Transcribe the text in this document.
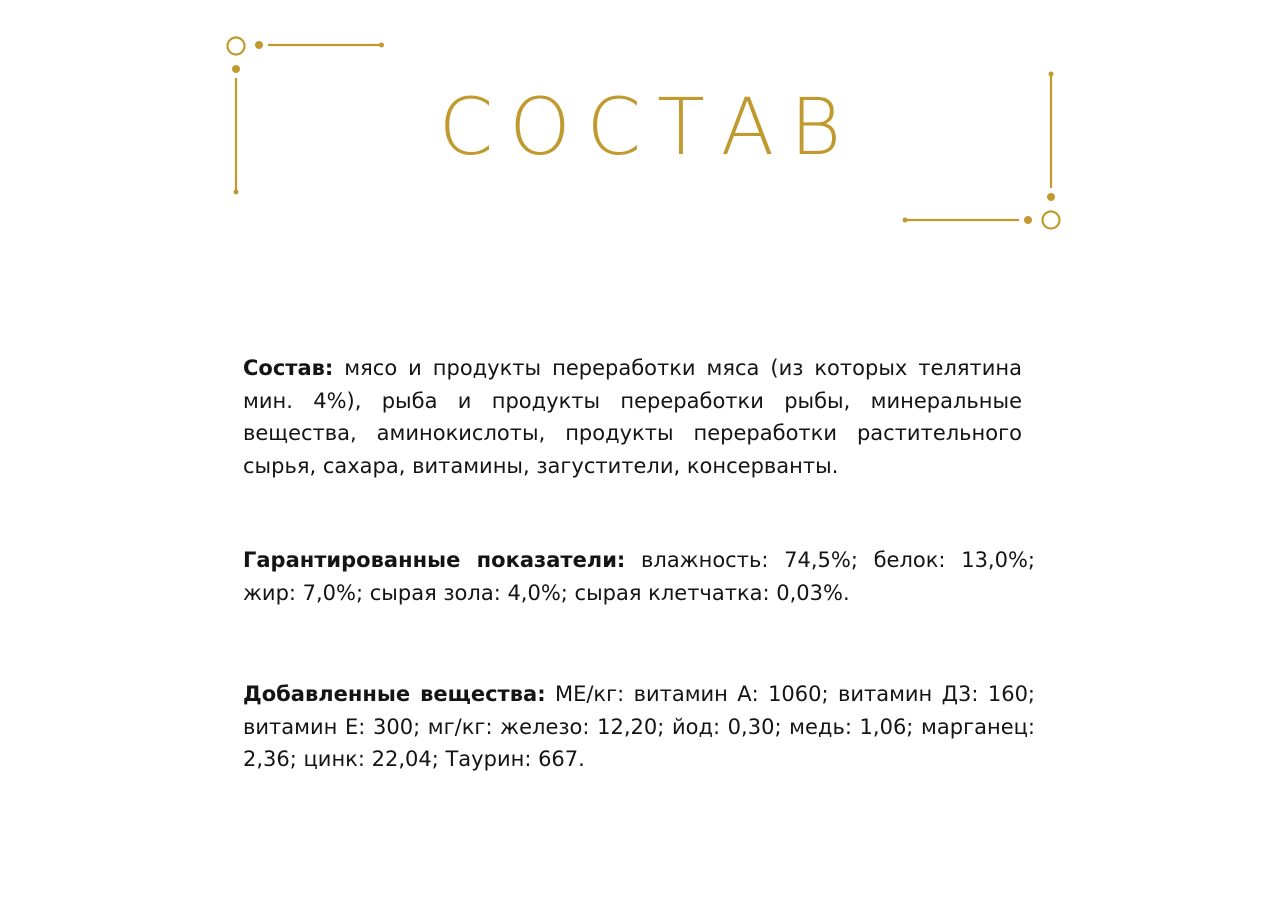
СОСТАВ

Состав: мясо и продукты переработки мяса (из которых телятина мин. 4%), рыба и продукты переработки рыбы, минеральные вещества, аминокислоты, продукты переработки растительного сырья, сахара, витамины, загустители, консерванты.

Гарантированные показатели: влажность: 74,5%; белок: 13,0%; жир: 7,0%; сырая зола: 4,0%; сырая клетчатка: 0,03%.

Добавленные вещества: МЕ/кг: витамин А: 1060; витамин Д3: 160; витамин Е: 300; мг/кг: железо: 12,20; йод: 0,30; медь: 1,06; марганец: 2,36; цинк: 22,04; Таурин: 667.
